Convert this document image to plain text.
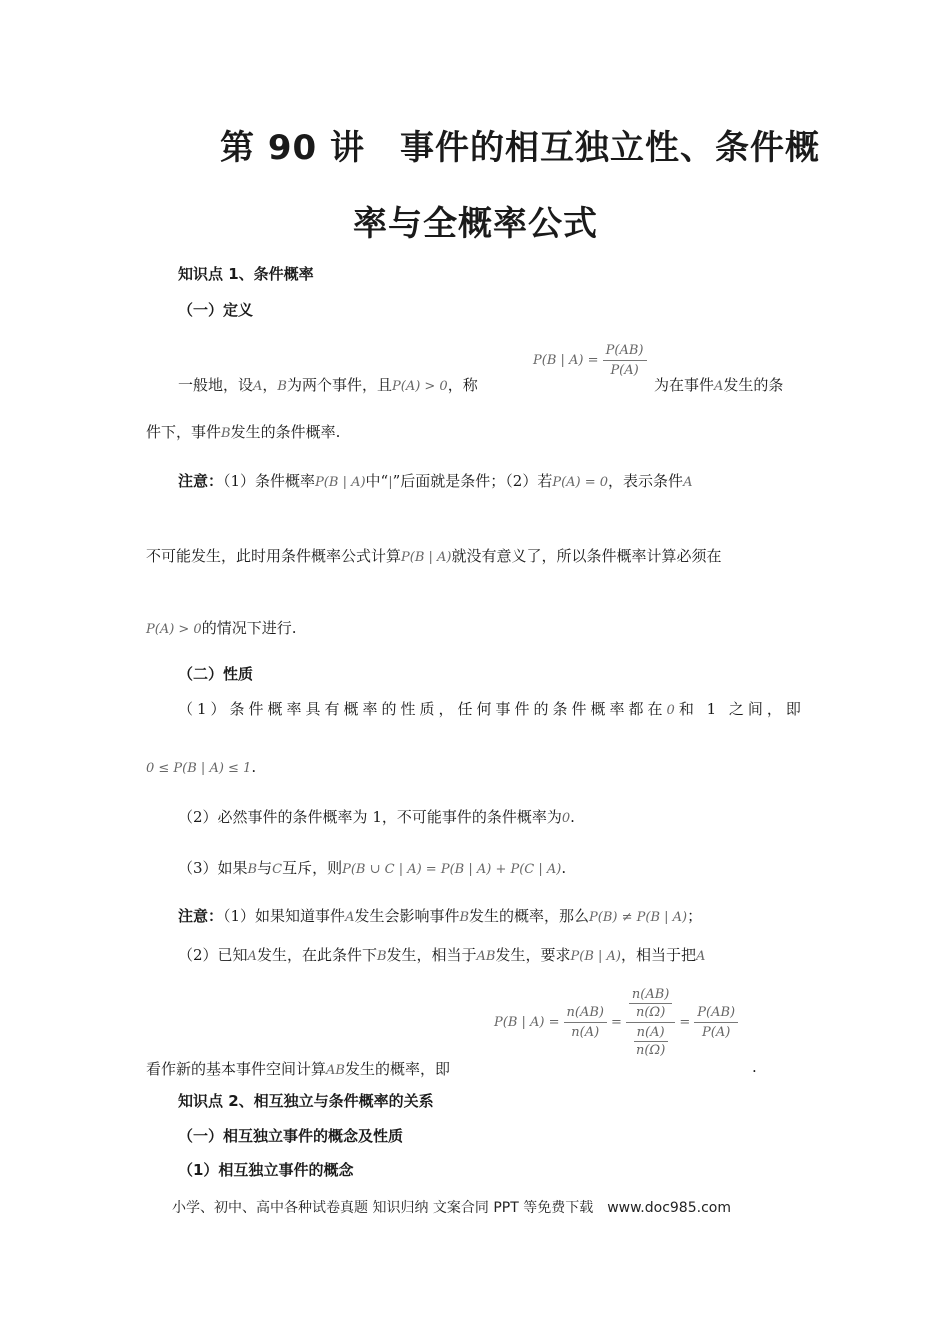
第 90 讲　事件的相互独立性、条件概
率与全概率公式
知识点 1、条件概率
（一）定义
一般地，设A，B为两个事件，且P(A) > 0，称
P(B | $A) = \frac{P(AB)}{P(A)}$
为在事件A发生的条
件下，事件B发生的条件概率.
注意：（1）条件概率P(B | A)中“|”后面就是条件；（2）若P(A) = 0，表示条件A
不可能发生，此时用条件概率公式计算P(B | A)就没有意义了，所以条件概率计算必须在
P(A) > 0的情况下进行.
（二）性质
（1）条件概率具有概率的性质，任何事件的条件概率都在0和 1 之间，即
0 ≤ P(B | A) ≤ 1.
（2）必然事件的条件概率为 1，不可能事件的条件概率为0.
（3）如果B与C互斥，则P(B ∪ C | A) = P(B | A) + P(C | A).
注意：（1）如果知道事件A发生会影响事件B发生的概率，那么P(B) ≠ P(B | A)；
（2）已知A发生，在此条件下B发生，相当于AB发生，要求P(B | A)，相当于把A
P(B | $A) = \frac{n(AB)}{n(A)} = \frac{\frac{n(AB)}{n(\Omega)}}{\frac{n(A)}{n(\Omega)}} = \frac{P(AB)}{P(A)}$
看作新的基本事件空间计算AB发生的概率，即	.
知识点 2、相互独立与条件概率的关系
（一）相互独立事件的概念及性质
（1）相互独立事件的概念
小学、初中、高中各种试卷真题 知识归纳 文案合同 PPT 等免费下载　www.doc985.com
